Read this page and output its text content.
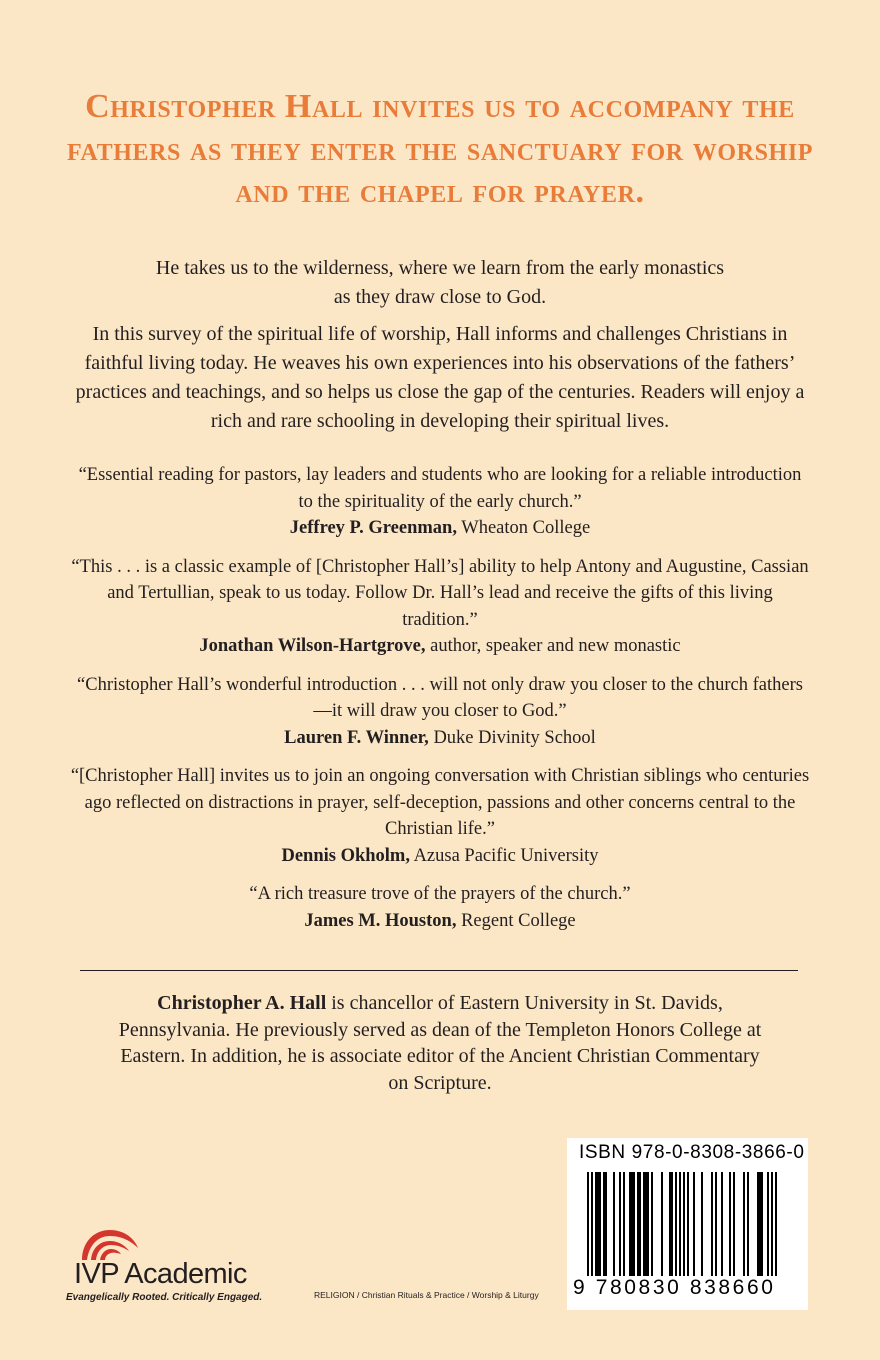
Christopher Hall invites us to accompany the fathers as they enter the sanctuary for worship and the chapel for prayer.
He takes us to the wilderness, where we learn from the early monastics as they draw close to God.
In this survey of the spiritual life of worship, Hall informs and challenges Christians in faithful living today. He weaves his own experiences into his observations of the fathers’ practices and teachings, and so helps us close the gap of the centuries. Readers will enjoy a rich and rare schooling in developing their spiritual lives.
“Essential reading for pastors, lay leaders and students who are looking for a reliable introduction to the spirituality of the early church.”
Jeffrey P. Greenman, Wheaton College
“This . . . is a classic example of [Christopher Hall’s] ability to help Antony and Augustine, Cassian and Tertullian, speak to us today. Follow Dr. Hall’s lead and receive the gifts of this living tradition.”
Jonathan Wilson-Hartgrove, author, speaker and new monastic
“Christopher Hall’s wonderful introduction . . . will not only draw you closer to the church fathers—it will draw you closer to God.”
Lauren F. Winner, Duke Divinity School
“[Christopher Hall] invites us to join an ongoing conversation with Christian siblings who centuries ago reflected on distractions in prayer, self-deception, passions and other concerns central to the Christian life.”
Dennis Okholm, Azusa Pacific University
“A rich treasure trove of the prayers of the church.”
James M. Houston, Regent College
Christopher A. Hall is chancellor of Eastern University in St. Davids, Pennsylvania. He previously served as dean of the Templeton Honors College at Eastern. In addition, he is associate editor of the Ancient Christian Commentary on Scripture.
IVP Academic
Evangelically Rooted. Critically Engaged.	RELIGION / Christian Rituals & Practice / Worship & Liturgy
ISBN 978-0-8308-3866-0
9 780830 838660
